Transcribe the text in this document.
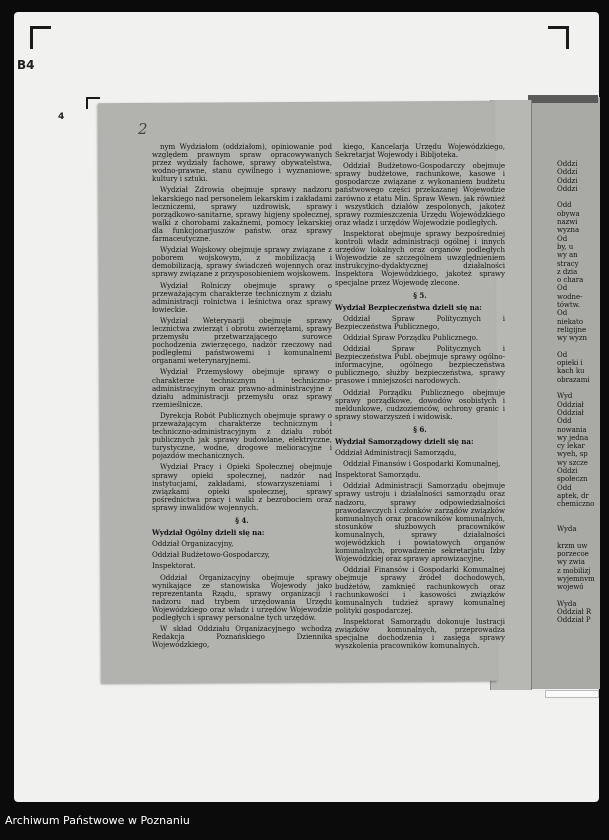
B4
4
2

nym Wydziałom (oddziałom), opiniowanie pod względem prawnym spraw opracowywanych przez wydziały fachowe, sprawy obywatelstwa, wodno-prawne, stanu cywilnego i wyznaniowe, kultury i sztuki.

Wydział Zdrowia obejmuje sprawy nadzoru lekarskiego nad personelem lekarskim i zakładami leczniczemi, sprawy uzdrowisk, sprawy porządkowo-sanitarne, sprawy higjeny społecznej, walki z chorobami zakaźnemi, pomocy lekarskiej dla funkcjonarjuszów państw. oraz sprawy farmaceutyczne.

Wydział Wojskowy obejmuje sprawy związane z poborem wojskowym, z mobilizacją i demobilizacją, sprawy świadczeń wojennych oraz sprawy związane z przysposobieniem wojskowem.

Wydział Rolniczy obejmuje sprawy o przeważającym charakterze technicznym z działu administracji rolnictwa i leśnictwa oraz sprawy łowieckie.

Wydział Weterynarji obejmuje sprawy lecznictwa zwierząt i obrotu zwierzętami, sprawy przemysłu przetwarzającego surowce pochodzenia zwierzęcego, nadzór rzeczowy nad podległemi państwowemi i komunalnemi organami weterynaryjnemi.

Wydział Przemysłowy obejmuje sprawy o charakterze technicznym i techniczno-administracyjnym oraz prawno-administracyjne z działu administracji przemysłu oraz sprawy rzemieślnicze.

Dyrekcja Robót Publicznych obejmuje sprawy o przeważającym charakterze technicznym i techniczno-administracyjnym z działu robót publicznych jak sprawy budowlane, elektryczne, turystyczne, wodne, drogowe melioracyjne i pojazdów mechanicznych.

Wydział Pracy i Opieki Społecznej obejmuje sprawy opieki społecznej, nadzór nad instytucjami, zakładami, stowarzyszeniami i związkami opieki społecznej, sprawy pośrednictwa pracy i walki z bezrobociem oraz sprawy inwalidów wojennych.

§ 4.

Wydział Ogólny dzieli się na:

Oddział Organizacyjny,

Oddział Budżetowo-Gospodarczy,

Inspektorat.

Oddział Organizacyjny obejmuje sprawy wynikające ze stanowiska Wojewody jako reprezentanta Rządu, sprawy organizacji i nadzoru nad trybem urzędowania Urzędu Wojewódzkiego oraz władz i urzędów Wojewodzie podległych i sprawy personalne tych urzędów.

W skład Oddziału Organizacyjnego wchodzą Redakcja Poznańskiego Dziennika Wojewódzkiego,

kiego, Kancelarja Urzędu Wojewódzkiego, Sekretarjat Wojewody i Bibljoteka.

Oddział Budżetowo-Gospodarczy obejmuje sprawy budżetowe, rachunkowe, kasowe i gospodarcze związane z wykonaniem budżetu państwowego części przekazanej Wojewodzie zarówno z etatu Min. Spraw Wewn. jak również i wszystkich działów zespolonych, jakoteż sprawy rozmieszczenia Urzędu Wojewódzkiego oraz władz i urzędów Wojewodzie podległych.

Inspektorat obejmuje sprawy bezpośredniej kontroli władz administracji ogólnej i innych urzędów lokalnych oraz organów podległych Wojewodzie ze szczególnem uwzględnieniem instrukcyjno-dydaktycznej działalności Inspektora Wojewódzkiego, jakoteż sprawy specjalne przez Wojewodę zlecone.

§ 5.

Wydział Bezpieczeństwa dzieli się na:

Oddział Spraw Politycznych i Bezpieczeństwa Publicznego,

Oddział Spraw Porządku Publicznego.

Oddział Spraw Politycznych i Bezpieczeństwa Publ. obejmuje sprawy ogólno-informacyjne, ogólnego bezpieczeństwa publicznego, służby bezpieczeństwa, sprawy prasowe i mniejszości narodowych.

Oddział Porządku Publicznego obejmuje sprawy porządkowe, dowodów osobistych i meldunkowe, cudzoziemców, ochrony granic i sprawy stowarzyszeń i widowisk.

§ 6.

Wydział Samorządowy dzieli się na:

Oddział Administracji Samorządu,

Oddział Finansów i Gospodarki Komunalnej,

Inspektorat Samorządu.

Oddział Administracji Samorządu obejmuje sprawy ustroju i działalności samorządu oraz nadzoru, sprawy odpowiedzialności prawodawczych i członków zarządów związków komunalnych oraz pracowników komunalnych, stosunków służbowych pracowników komunalnych, sprawy działalności wojewódzkich i powiatowych organów komunalnych, prowadzenie sekretarjatu Izby Wojewódzkiej oraz sprawy aprowizacyjne.

Oddział Finansów i Gospodarki Komunalnej obejmuje sprawy źródeł dochodowych, budżetów, zamknięć rachunkowych oraz rachunkowości i kasowości związków komunalnych tudzież sprawy komunalnej polityki gospodarczej.

Inspektorat Samorządu dokonuje lustracji związków komunalnych, przeprowadza specjalne dochodzenia i zasięga sprawy wyszkolenia pracowników komunalnych.

Oddzi
Oddzi
Oddzi
Oddzi

Odd
obywa
nazwi
wyzna
Od
by, u
wy an
stracy
z dzia
o chara
Od
wodne-
tówtw.
Od
niekato
religijne
wy wyzn

Od
opieki i
kach ku
obrazami

Wyd
Oddział
Oddział
Odd
nowania
wy jedna
cy lekar
wyeh, sp
wy szcze
Oddzi
społeczn
Odd
aptek, dr
chemiczno

Wyda

krzm uw
porzecoe
wy zwia
z mobilizj
wyjemnvm
wojewó

Wyda
Oddział R
Oddział P
Archiwum Państwowe w Poznaniu
